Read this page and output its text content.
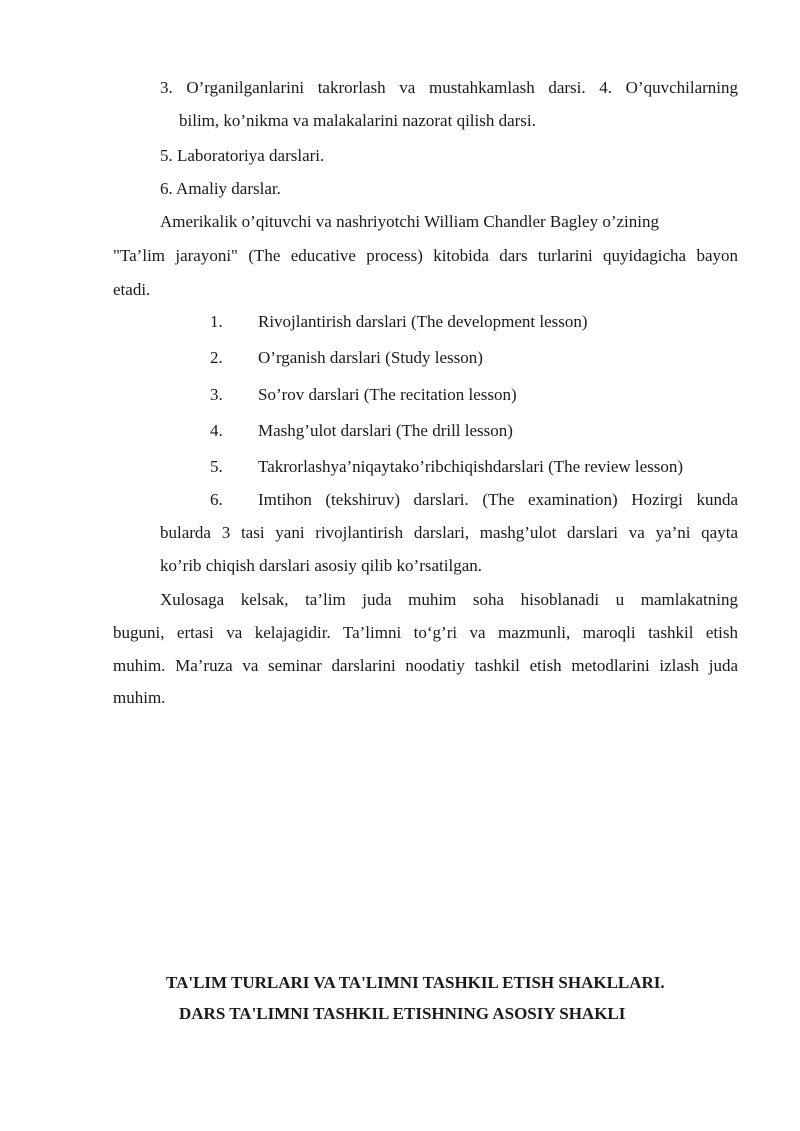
3. O’rganilganlarini takrorlash va mustahkamlash darsi. 4. O’quvchilarning
bilim, ko’nikma va malakalarini nazorat qilish darsi.
5. Laboratoriya darslari.
6. Amaliy darslar.
Amerikalik o’qituvchi va nashriyotchi William Chandler Bagley o’zining
"Ta’lim jarayoni" (The educative process) kitobida dars turlarini quyidagicha bayon
etadi.
1. Rivojlantirish darslari (The development lesson)
2. O’rganish darslari (Study lesson)
3. So’rov darslari (The recitation lesson)
4. Mashg’ulot darslari (The drill lesson)
5. Takrorlashya’niqaytako’ribchiqishdarslari (The review lesson)
6. Imtihon (tekshiruv) darslari. (The examination) Hozirgi kunda
bularda 3 tasi yani rivojlantirish darslari, mashg’ulot darslari va ya’ni qayta
ko’rib chiqish darslari asosiy qilib ko’rsatilgan.
Xulosaga kelsak, ta’lim juda muhim soha hisoblanadi u mamlakatning
buguni, ertasi va kelajagidir. Ta’limni to‘g’ri va mazmunli, maroqli tashkil etish
muhim. Ma’ruza va seminar darslarini noodatiy tashkil etish metodlarini izlash juda
muhim.
TA'LIM TURLARI VA TA'LIMNI TASHKIL ETISH SHAKLLARI.
DARS TA'LIMNI TASHKIL ETISHNING ASOSIY SHAKLI
